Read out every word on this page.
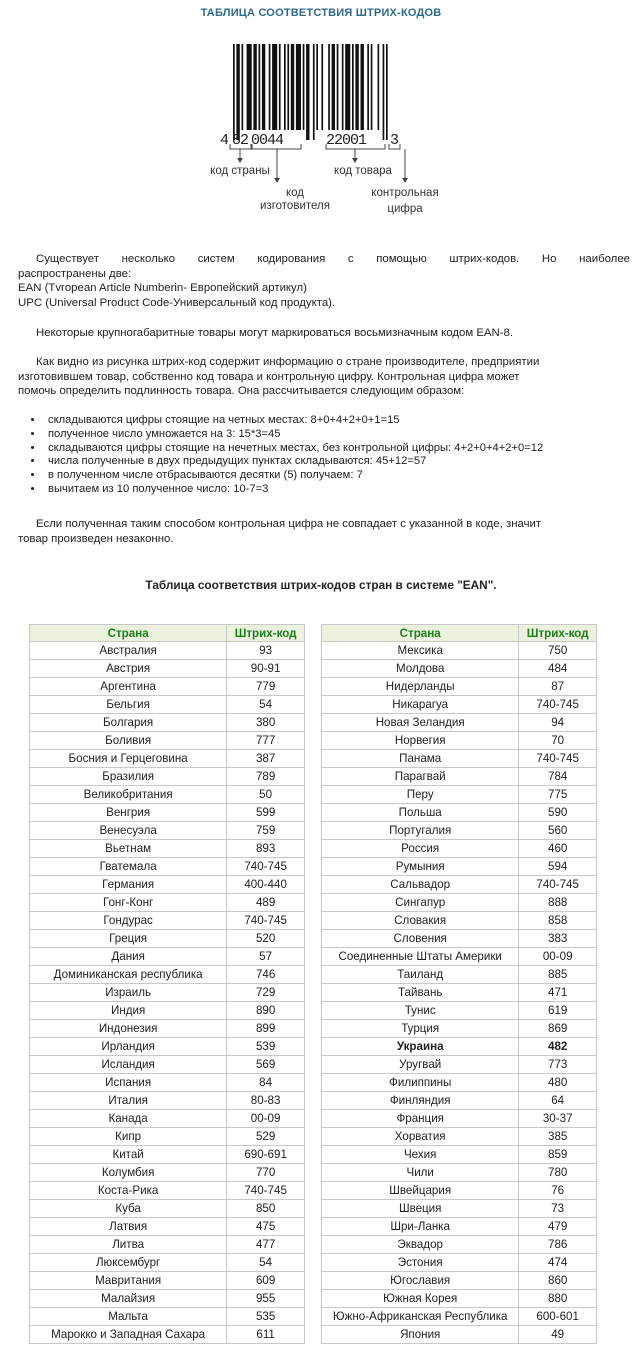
ТАБЛИЦА СООТВЕТСТВИЯ ШТРИХ-КОДОВ
4 82 0044	22001 3
код страны
код
изготовителя
код товара
контрольная
цифра
Существует несколько систем кодирования с помощью штрих-кодов. Но наиболее
распространены две:
EAN (Tvropean Article Numberin- Европейский артикул)
UPC (Universal Product Code-Универсальный код продукта).
Некоторые крупногабаритные товары могут маркироваться восьмизначным кодом EAN-8.
Как видно из рисунка штрих-код содержит информацию о стране производителе, предприятии
изготовившем товар, собственно код товара и контрольную цифру. Контрольная цифра может
помочь определить подлинность товара. Она рассчитывается следующим образом:
• складываются цифры стоящие на четных местах: 8+0+4+2+0+1=15
• полученное число умножается на 3: 15*3=45
• складываются цифры стоящие на нечетных местах, без контрольной цифры: 4+2+0+4+2+0=12
• числа полученные в двух предыдущих пунктах складываются: 45+12=57
• в полученном числе отбрасываются десятки (5) получаем: 7
• вычитаем из 10 полученное число: 10-7=3
Если полученная таким способом контрольная цифра не совпадает с указанной в коде, значит
товар произведен незаконно.
Таблица соответствия штрих-кодов стран в системе "EAN".
Страна	Штрих-код
Австралия	93
Австрия	90-91
Аргентина	779
Бельгия	54
Болгария	380
Боливия	777
Босния и Герцеговина	387
Бразилия	789
Великобритания	50
Венгрия	599
Венесуэла	759
Вьетнам	893
Гватемала	740-745
Германия	400-440
Гонг-Конг	489
Гондурас	740-745
Греция	520
Дания	57
Доминиканская республика	746
Израиль	729
Индия	890
Индонезия	899
Ирландия	539
Исландия	569
Испания	84
Италия	80-83
Канада	00-09
Кипр	529
Китай	690-691
Колумбия	770
Коста-Рика	740-745
Куба	850
Латвия	475
Литва	477
Люксембург	54
Мавритания	609
Малайзия	955
Мальта	535
Марокко и Западная Сахара	611
Страна	Штрих-код
Мексика	750
Молдова	484
Нидерланды	87
Никарагуа	740-745
Новая Зеландия	94
Норвегия	70
Панама	740-745
Парагвай	784
Перу	775
Польша	590
Португалия	560
Россия	460
Румыния	594
Сальвадор	740-745
Сингапур	888
Словакия	858
Словения	383
Соединенные Штаты Америки	00-09
Таиланд	885
Тайвань	471
Тунис	619
Турция	869
Украина	482
Уругвай	773
Филиппины	480
Финляндия	64
Франция	30-37
Хорватия	385
Чехия	859
Чили	780
Швейцария	76
Швеция	73
Шри-Ланка	479
Эквадор	786
Эстония	474
Югославия	860
Южная Корея	880
Южно-Африканская Республика	600-601
Япония	49
